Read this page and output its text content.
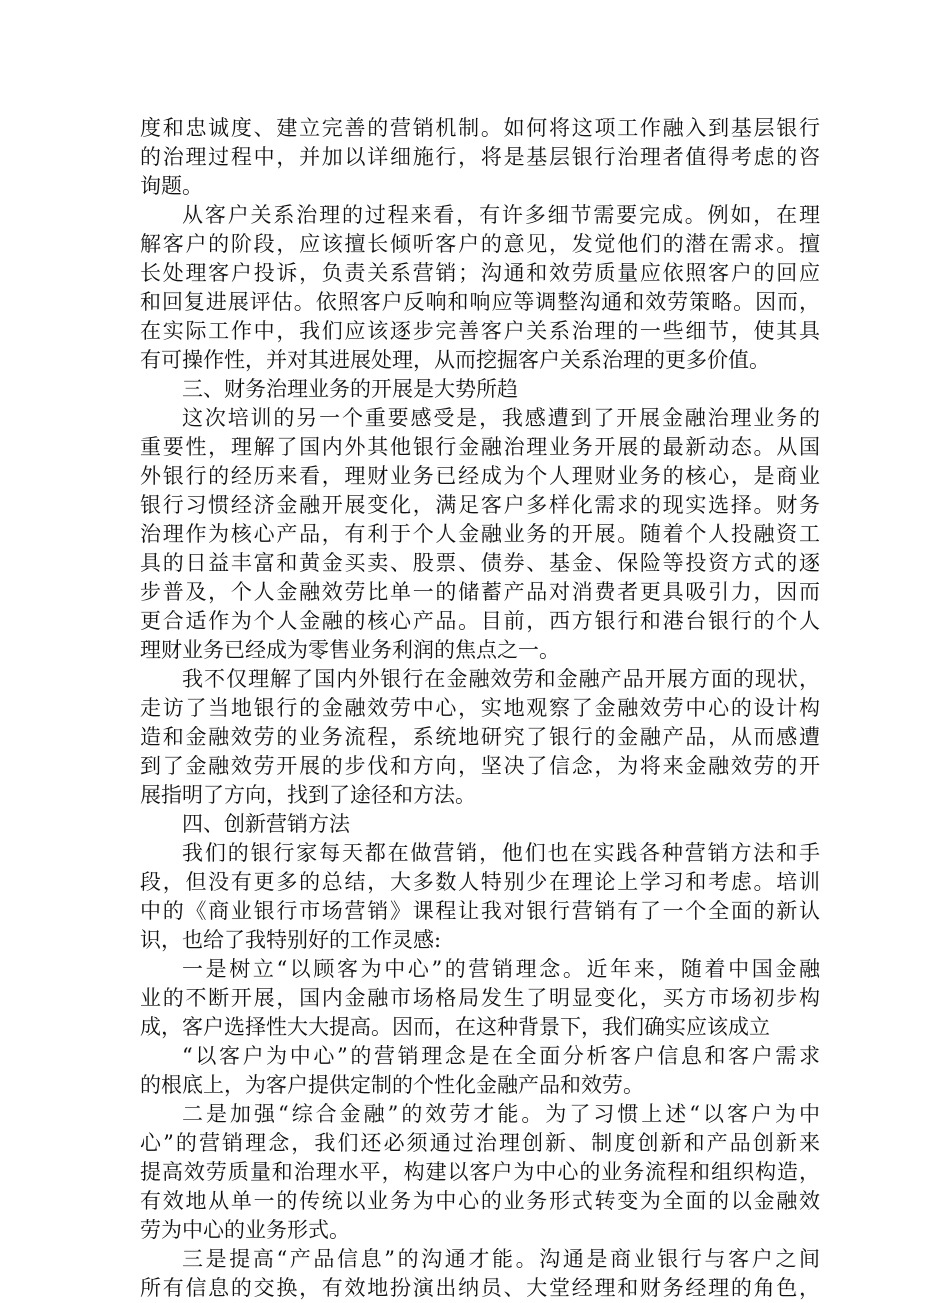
度和忠诚度、建立完善的营销机制。如何将这项工作融入到基层银行

的治理过程中，并加以详细施行，将是基层银行治理者值得考虑的咨

询题。

从客户关系治理的过程来看，有许多细节需要完成。例如，在理

解客户的阶段，应该擅长倾听客户的意见，发觉他们的潜在需求。擅

长处理客户投诉，负责关系营销；沟通和效劳质量应依照客户的回应

和回复进展评估。依照客户反响和响应等调整沟通和效劳策略。因而，

在实际工作中，我们应该逐步完善客户关系治理的一些细节，使其具

有可操作性，并对其进展处理，从而挖掘客户关系治理的更多价值。

三、财务治理业务的开展是大势所趋

这次培训的另一个重要感受是，我感遭到了开展金融治理业务的

重要性，理解了国内外其他银行金融治理业务开展的最新动态。从国

外银行的经历来看，理财业务已经成为个人理财业务的核心，是商业

银行习惯经济金融开展变化，满足客户多样化需求的现实选择。财务

治理作为核心产品，有利于个人金融业务的开展。随着个人投融资工

具的日益丰富和黄金买卖、股票、债券、基金、保险等投资方式的逐

步普及，个人金融效劳比单一的储蓄产品对消费者更具吸引力，因而

更合适作为个人金融的核心产品。目前，西方银行和港台银行的个人

理财业务已经成为零售业务利润的焦点之一。

我不仅理解了国内外银行在金融效劳和金融产品开展方面的现状，

走访了当地银行的金融效劳中心，实地观察了金融效劳中心的设计构

造和金融效劳的业务流程，系统地研究了银行的金融产品，从而感遭

到了金融效劳开展的步伐和方向，坚决了信念，为将来金融效劳的开

展指明了方向，找到了途径和方法。

四、创新营销方法

我们的银行家每天都在做营销，他们也在实践各种营销方法和手

段，但没有更多的总结，大多数人特别少在理论上学习和考虑。培训

中的《商业银行市场营销》课程让我对银行营销有了一个全面的新认

识，也给了我特别好的工作灵感:

一是树立“以顾客为中心”的营销理念。近年来，随着中国金融

业的不断开展，国内金融市场格局发生了明显变化，买方市场初步构

成，客户选择性大大提高。因而，在这种背景下，我们确实应该成立

“以客户为中心”的营销理念是在全面分析客户信息和客户需求

的根底上，为客户提供定制的个性化金融产品和效劳。

二是加强“综合金融”的效劳才能。为了习惯上述“以客户为中

心”的营销理念，我们还必须通过治理创新、制度创新和产品创新来

提高效劳质量和治理水平，构建以客户为中心的业务流程和组织构造，

有效地从单一的传统以业务为中心的业务形式转变为全面的以金融效

劳为中心的业务形式。

三是提高“产品信息”的沟通才能。沟通是商业银行与客户之间

所有信息的交换，有效地扮演出纳员、大堂经理和财务经理的角色，
